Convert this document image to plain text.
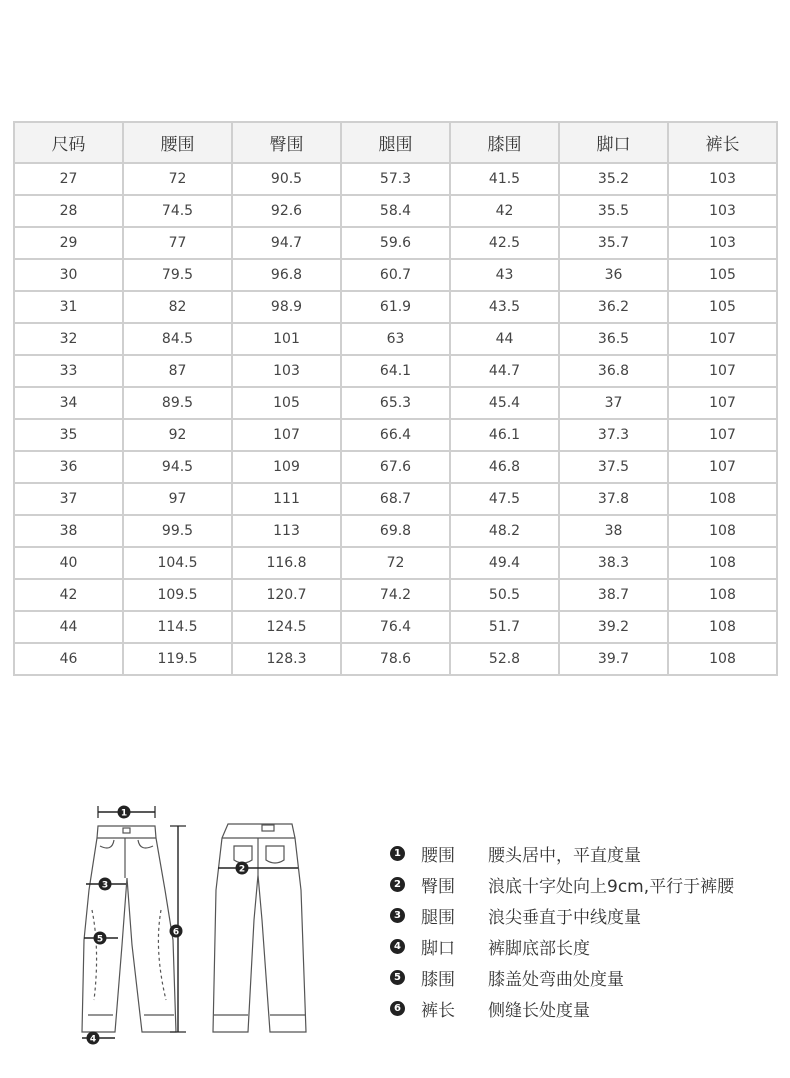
尺码	腰围	臀围	腿围	膝围	脚口	裤长
27	72	90.5	57.3	41.5	35.2	103
28	74.5	92.6	58.4	42	35.5	103
29	77	94.7	59.6	42.5	35.7	103
30	79.5	96.8	60.7	43	36	105
31	82	98.9	61.9	43.5	36.2	105
32	84.5	101	63	44	36.5	107
33	87	103	64.1	44.7	36.8	107
34	89.5	105	65.3	45.4	37	107
35	92	107	66.4	46.1	37.3	107
36	94.5	109	67.6	46.8	37.5	107
37	97	111	68.7	47.5	37.8	108
38	99.5	113	69.8	48.2	38	108
40	104.5	116.8	72	49.4	38.3	108
42	109.5	120.7	74.2	50.5	38.7	108
44	114.5	124.5	76.4	51.7	39.2	108
46	119.5	128.3	78.6	52.8	39.7	108
1
2
3
4
5
6
1 腰围	腰头居中，平直度量
2 臀围	浪底十字处向上9cm,平行于裤腰
3 腿围	浪尖垂直于中线度量
4 脚口	裤脚底部长度
5 膝围	膝盖处弯曲处度量
6 裤长	侧缝长处度量
